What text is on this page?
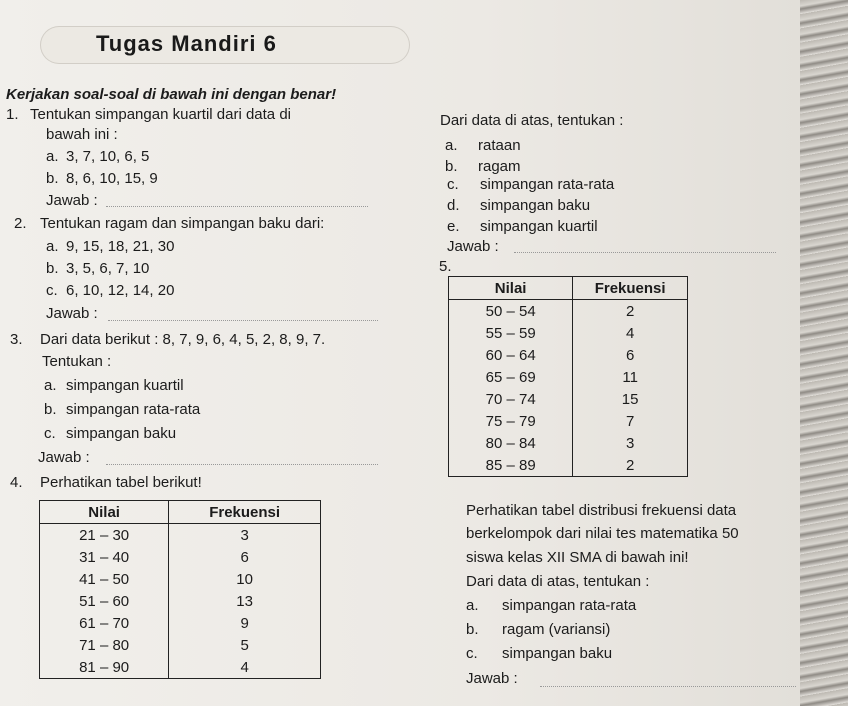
Tugas Mandiri 6
Kerjakan soal-soal di bawah ini dengan benar!
1. Tentukan simpangan kuartil dari data di
bawah ini :
a. 3, 7, 10, 6, 5
b. 8, 6, 10, 15, 9
Jawab :
2. Tentukan ragam dan simpangan baku dari:
a. 9, 15, 18, 21, 30
b. 3, 5, 6, 7, 10
c. 6, 10, 12, 14, 20
Jawab :
3. Dari data berikut : 8, 7, 9, 6, 4, 5, 2, 8, 9, 7.
Tentukan :
a. simpangan kuartil
b. simpangan rata-rata
c. simpangan baku
Jawab :
4. Perhatikan tabel berikut!
Nilai	Frekuensi
21 – 30	3
31 – 40	6
41 – 50	10
51 – 60	13
61 – 70	9
71 – 80	5
81 – 90	4
Dari data di atas, tentukan :
a. rataan
b. ragam
c. simpangan rata-rata
d. simpangan baku
e. simpangan kuartil
Jawab :
5.
Nilai	Frekuensi
50 – 54	2
55 – 59	4
60 – 64	6
65 – 69	11
70 – 74	15
75 – 79	7
80 – 84	3
85 – 89	2
Perhatikan tabel distribusi frekuensi data
berkelompok dari nilai tes matematika 50
siswa kelas XII SMA di bawah ini!
Dari data di atas, tentukan :
a. simpangan rata-rata
b. ragam (variansi)
c. simpangan baku
Jawab :
